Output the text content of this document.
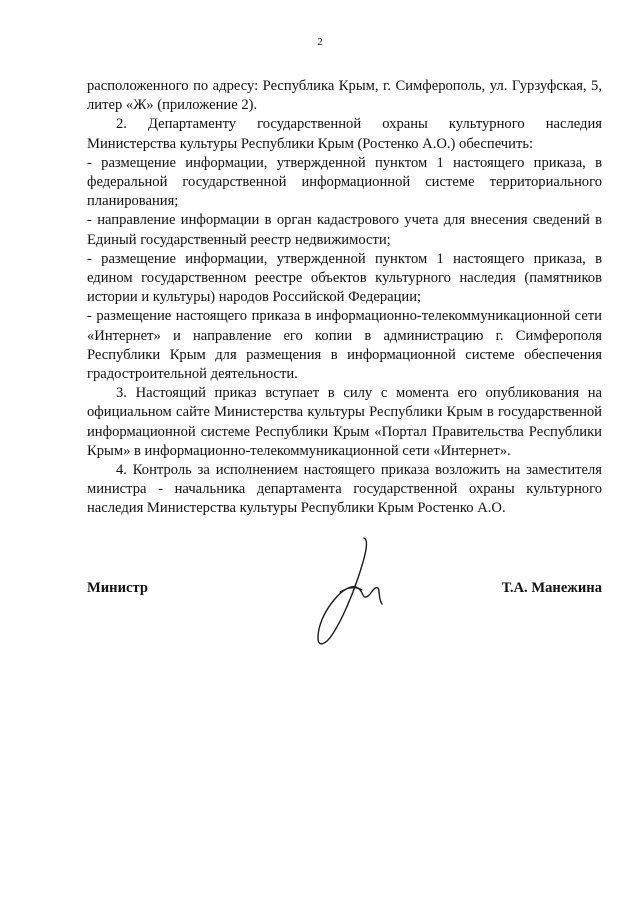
2

расположенного по адресу: Республика Крым, г. Симферополь, ул. Гурзуфская, 5, литер «Ж» (приложение 2).

2. Департаменту государственной охраны культурного наследия Министерства культуры Республики Крым (Ростенко А.О.) обеспечить:

- размещение информации, утвержденной пунктом 1 настоящего приказа, в федеральной государственной информационной системе территориального планирования;

- направление информации в орган кадастрового учета для внесения сведений в Единый государственный реестр недвижимости;

- размещение информации, утвержденной пунктом 1 настоящего приказа, в едином государственном реестре объектов культурного наследия (памятников истории и культуры) народов Российской Федерации;

- размещение настоящего приказа в информационно-телекоммуникационной сети «Интернет» и направление его копии в администрацию г. Симферополя Республики Крым для размещения в информационной системе обеспечения градостроительной деятельности.

3. Настоящий приказ вступает в силу с момента его опубликования на официальном сайте Министерства культуры Республики Крым в государственной информационной системе Республики Крым «Портал Правительства Республики Крым» в информационно-телекоммуникационной сети «Интернет».

4. Контроль за исполнением настоящего приказа возложить на заместителя министра - начальника департамента государственной охраны культурного наследия Министерства культуры Республики Крым Ростенко А.О.

Министр	Т.А. Манежина
